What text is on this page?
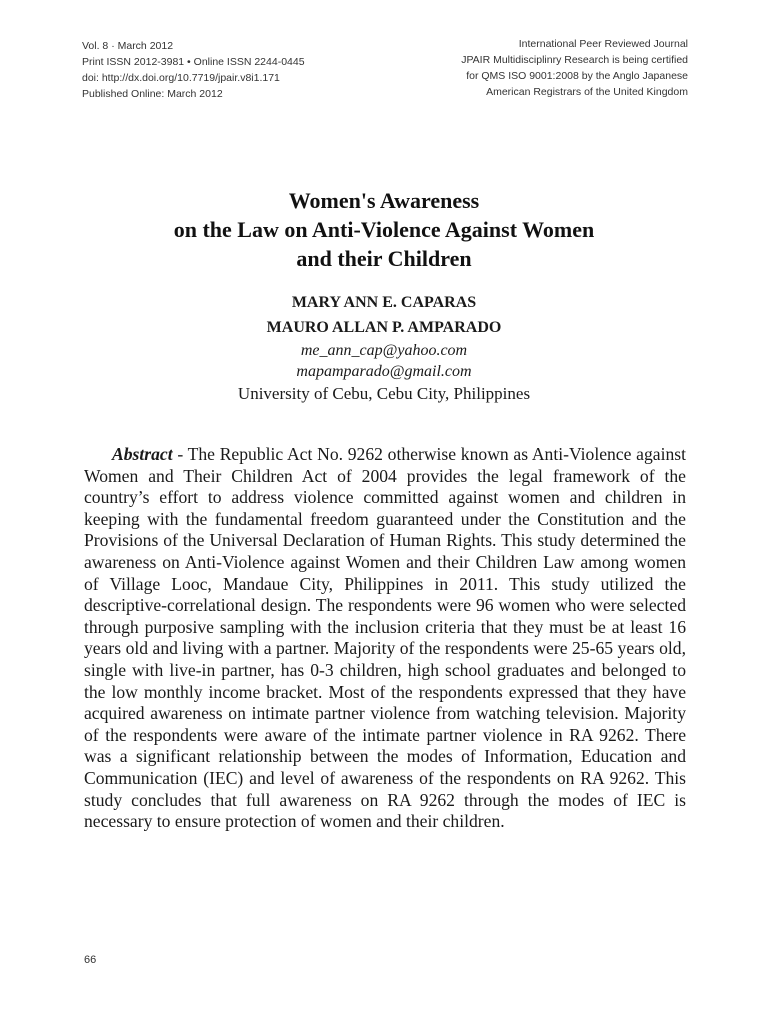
Vol. 8 · March 2012
Print ISSN 2012-3981 • Online ISSN 2244-0445
doi: http://dx.doi.org/10.7719/jpair.v8i1.171
Published Online: March 2012
International Peer Reviewed Journal
JPAIR Multidisciplinry Research is being certified
for QMS ISO 9001:2008 by the Anglo Japanese
American Registrars of the United Kingdom
Women's Awareness
on the Law on Anti-Violence Against Women
and their Children
MARY ANN E. CAPARAS
MAURO ALLAN P. AMPARADO
me_ann_cap@yahoo.com
mapamparado@gmail.com
University of Cebu, Cebu City, Philippines
Abstract - The Republic Act No. 9262 otherwise known as Anti-Violence against Women and Their Children Act of 2004 provides the legal framework of the country’s effort to address violence committed against women and children in keeping with the fundamental freedom guaranteed under the Constitution and the Provisions of the Universal Declaration of Human Rights. This study determined the awareness on Anti-Violence against Women and their Children Law among women of Village Looc, Mandaue City, Philippines in 2011. This study utilized the descriptive-correlational design. The respondents were 96 women who were selected through purposive sampling with the inclusion criteria that they must be at least 16 years old and living with a partner. Majority of the respondents were 25-65 years old, single with live-in partner, has 0-3 children, high school graduates and belonged to the low monthly income bracket. Most of the respondents expressed that they have acquired awareness on intimate partner violence from watching television. Majority of the respondents were aware of the intimate partner violence in RA 9262. There was a significant relationship between the modes of Information, Education and Communication (IEC) and level of awareness of the respondents on RA 9262. This study concludes that full awareness on RA 9262 through the modes of IEC is necessary to ensure protection of women and their children.
66
